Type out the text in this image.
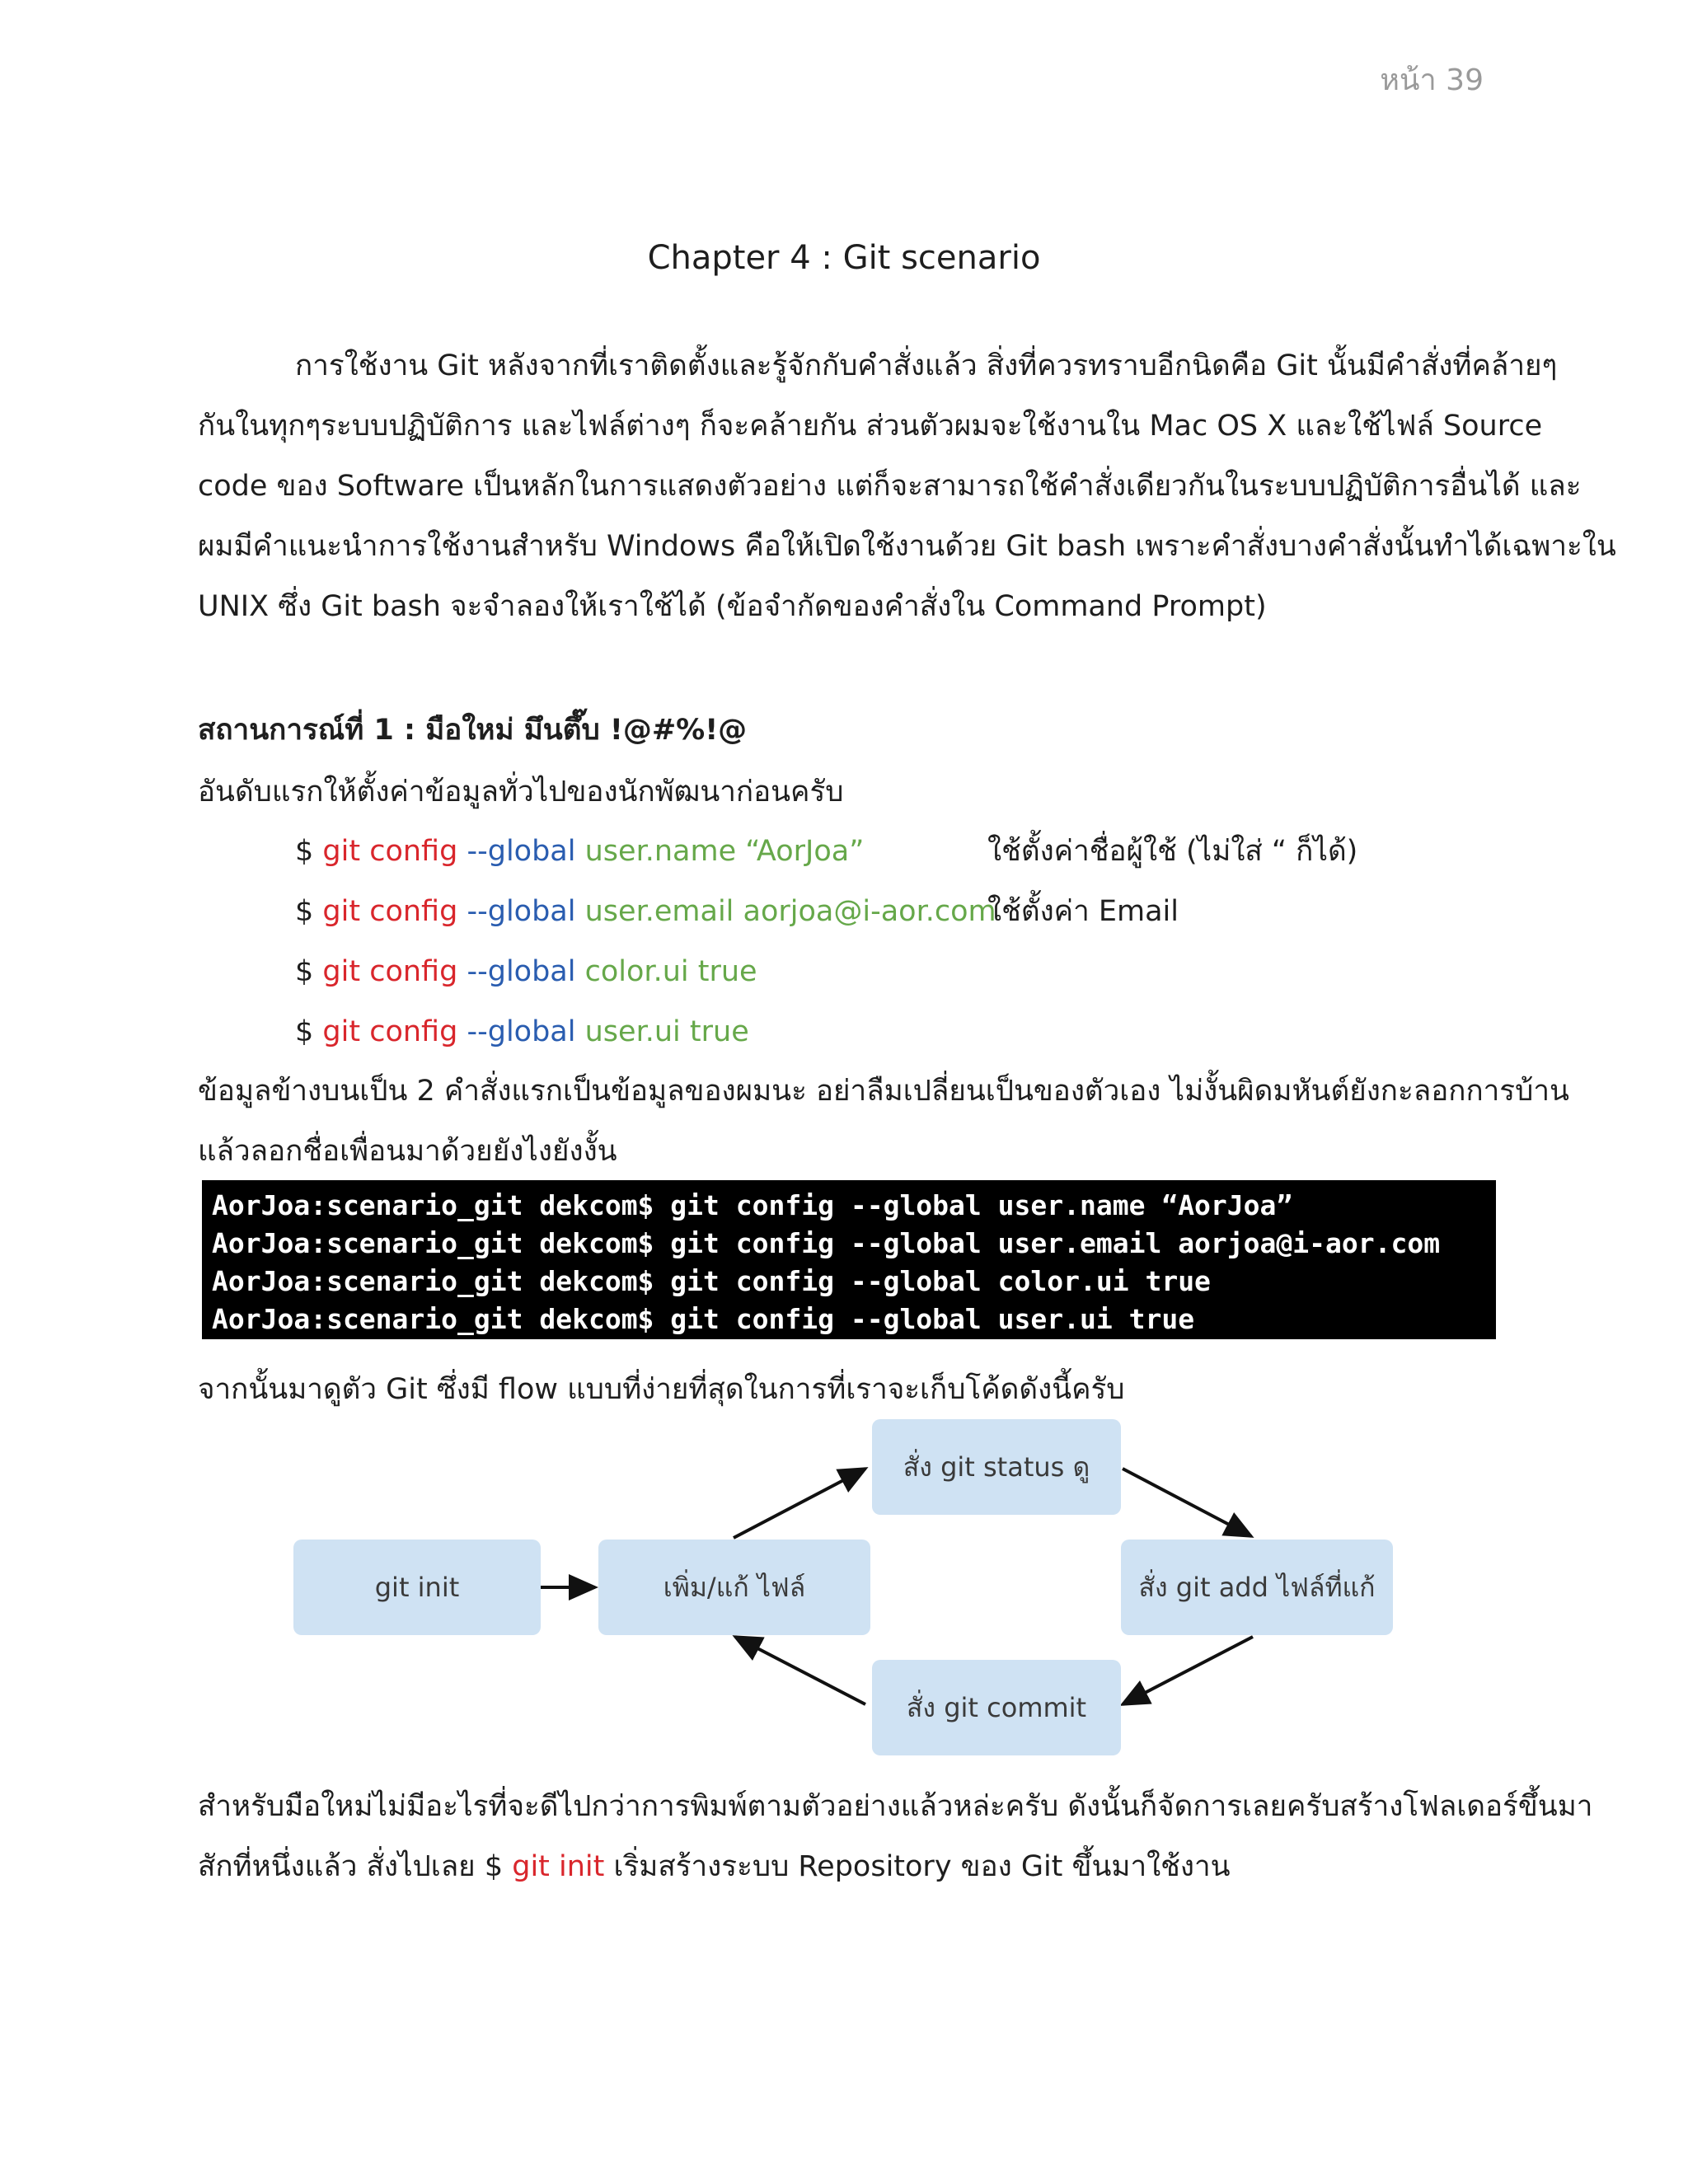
หน้า 39
Chapter 4 : Git scenario
การใช้งาน Git หลังจากที่เราติดตั้งและรู้จักกับคำสั่งแล้ว สิ่งที่ควรทราบอีกนิดคือ Git นั้นมีคำสั่งที่คล้ายๆ
กันในทุกๆระบบปฏิบัติการ และไฟล์ต่างๆ ก็จะคล้ายกัน ส่วนตัวผมจะใช้งานใน Mac OS X และใช้ไฟล์ Source
code ของ Software เป็นหลักในการแสดงตัวอย่าง แต่ก็จะสามารถใช้คำสั่งเดียวกันในระบบปฏิบัติการอื่นได้ และ
ผมมีคำแนะนำการใช้งานสำหรับ Windows คือให้เปิดใช้งานด้วย Git bash เพราะคำสั่งบางคำสั่งนั้นทำได้เฉพาะใน
UNIX ซึ่ง Git bash จะจำลองให้เราใช้ได้ (ข้อจำกัดของคำสั่งใน Command Prompt)
สถานการณ์ที่ 1 : มือใหม่ มึนตึ๊บ !@#%!@
อันดับแรกให้ตั้งค่าข้อมูลทั่วไปของนักพัฒนาก่อนครับ
$ git config --global user.name “AorJoa”	ใช้ตั้งค่าชื่อผู้ใช้ (ไม่ใส่ “ ก็ได้)
$ git config --global user.email aorjoa@i-aor.com
ใช้ตั้งค่า Email
$ git config --global color.ui true
$ git config --global user.ui true
ข้อมูลข้างบนเป็น 2 คำสั่งแรกเป็นข้อมูลของผมนะ อย่าลืมเปลี่ยนเป็นของตัวเอง ไม่งั้นผิดมหันต์ยังกะลอกการบ้าน
แล้วลอกชื่อเพื่อนมาด้วยยังไงยังงั้น
AorJoa:scenario_git dekcom$ git config --global user.name “AorJoa”
AorJoa:scenario_git dekcom$ git config --global user.email aorjoa@i-aor.com
AorJoa:scenario_git dekcom$ git config --global color.ui true
AorJoa:scenario_git dekcom$ git config --global user.ui true
จากนั้นมาดูตัว Git ซึ่งมี flow แบบที่ง่ายที่สุดในการที่เราจะเก็บโค้ดดังนี้ครับ
git init	เพิ่ม/แก้ ไฟล์
สั่ง git status ดู
สั่ง git add ไฟล์ที่แก้
สั่ง git commit
สำหรับมือใหม่ไม่มีอะไรที่จะดีไปกว่าการพิมพ์ตามตัวอย่างแล้วหล่ะครับ ดังนั้นก็จัดการเลยครับสร้างโฟลเดอร์ขึ้นมา
สักที่หนึ่งแล้ว สั่งไปเลย $ git init เริ่มสร้างระบบ Repository ของ Git ขึ้นมาใช้งาน
